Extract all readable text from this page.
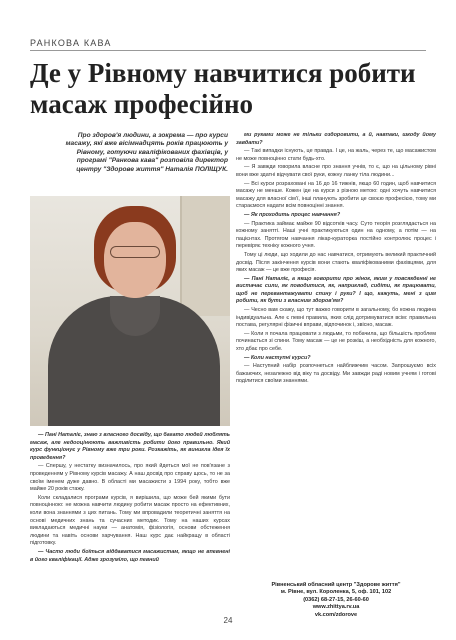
РАНКОВА КАВА
Де у Рівному навчитися робити масаж професійно

Про здоров'я людини, а зокрема — про курси масажу, які вже вісімнадцять років працюють у Рівному, готуючи кваліфікованих фахівців, у програмі "Ранкова кава" розповіла директор центру "Здорове життя" Наталія ПОЛІЩУК.

— Пані Наталіє, знаю з власного досвіду, що багато людей люблять масаж, але недооцінюють важливість робити його правильно. Який курс функціонує у Рівному вже три роки. Розкажіть, як виникла ідея їх проведення?

— Спершу, у нестатку визначилось, про який йдеться мої не пов'язане з проведенням у Рівному курсів масажу. А наш досвід про справу щось, то не за своїм іменем дуже давно. В області ми масажисти з 1994 року, тобто вже майже 20 років стажу.

Коли складалися програми курсів, я вирішила, що може бей якими бути повноцінною: не можна навчити людину робити масаж просто на ефективних, коли вона знаннями з цих питань. Тому ми впровадили теоретичні заняття на основі медичних знань та сучасних методик. Тому на наших курсах викладаються медичні науки — анатомія, фізіологія, основи обстеження людини та навіть основи харчування. Наш курс дає найкращу в області підготовку.

— Часто люди боїться віддаватися масажистам, якщо не впевнені в його кваліфікації. Адже зрозуміло, що певний

ми руками може не тільки оздоровити, а й, навпаки, шкоду йому завдати?

— Такі випадки існують, це правда. І це, на жаль, через те, що масажистом не може повноцінно стати будь-хто.

— Я завжди говорила власне про знання учнів, то є, що на цільному рівні вони вже здатні відчувати свої руки, кожну ланку тіла людини...

— Всі курси розраховані на 16 до 16 тижнів, якщо 60 годин, щоб навчитися масажу не менше. Кожен іде на курси з різною метою: одні хочуть навчитися масажу для власної сім'ї, інші планують зробити це своєю професією, тому ми стараємося надати всім повноцінні знання.

— Як проходить процес навчання?

— Практика займає майже 90 відсотків часу. Суто теорія розглядається на кожному занятті. Наші учні практикуються один на одному, а потім — на пацієнтах. Протягом навчання лікар-кураторка постійно контролює процес і перевіряє техніку кожного учня.

Тому ці люди, що ходили до нас навчатися, отримують великий практичний досвід. Після закінчення курсів вони стають кваліфікованими фахівцями, для яких масаж — це вже професія.

— Пані Наталіє, а якщо говорити про жінок, яким у повсякденні не вистачає сили, як поводитися, як, наприклад, сидіти, як працювати, щоб не перевантажувати спину і руки? І що, кажуть, мені з цим робити, як бути з власним здоров'ям?

— Чесно вам скажу, що тут важко говорити в загальному, бо кожна людина індивідуальна. Але є певні правила, яких слід дотримуватися всім: правильна постава, регулярні фізичні вправи, відпочинок і, звісно, масаж.

— Коли я почала працювати з людьми, то побачила, що більшість проблем починається зі спини. Тому масаж — це не розкіш, а необхідність для кожного, хто дбає про себе.

— Коли наступні курси?

— Наступний набір розпочнеться найближчим часом. Запрошуємо всіх бажаючих, незалежно від віку та досвіду. Ми завжди раді новим учням і готові поділитися своїми знаннями.

Рівненський обласний центр "Здорове життя"
м. Рівне, вул. Короленка, 5, оф. 101, 102
(0362) 68-27-15, 26-60-60
www.zhittya.rv.ua
vk.com/zdorove
24
